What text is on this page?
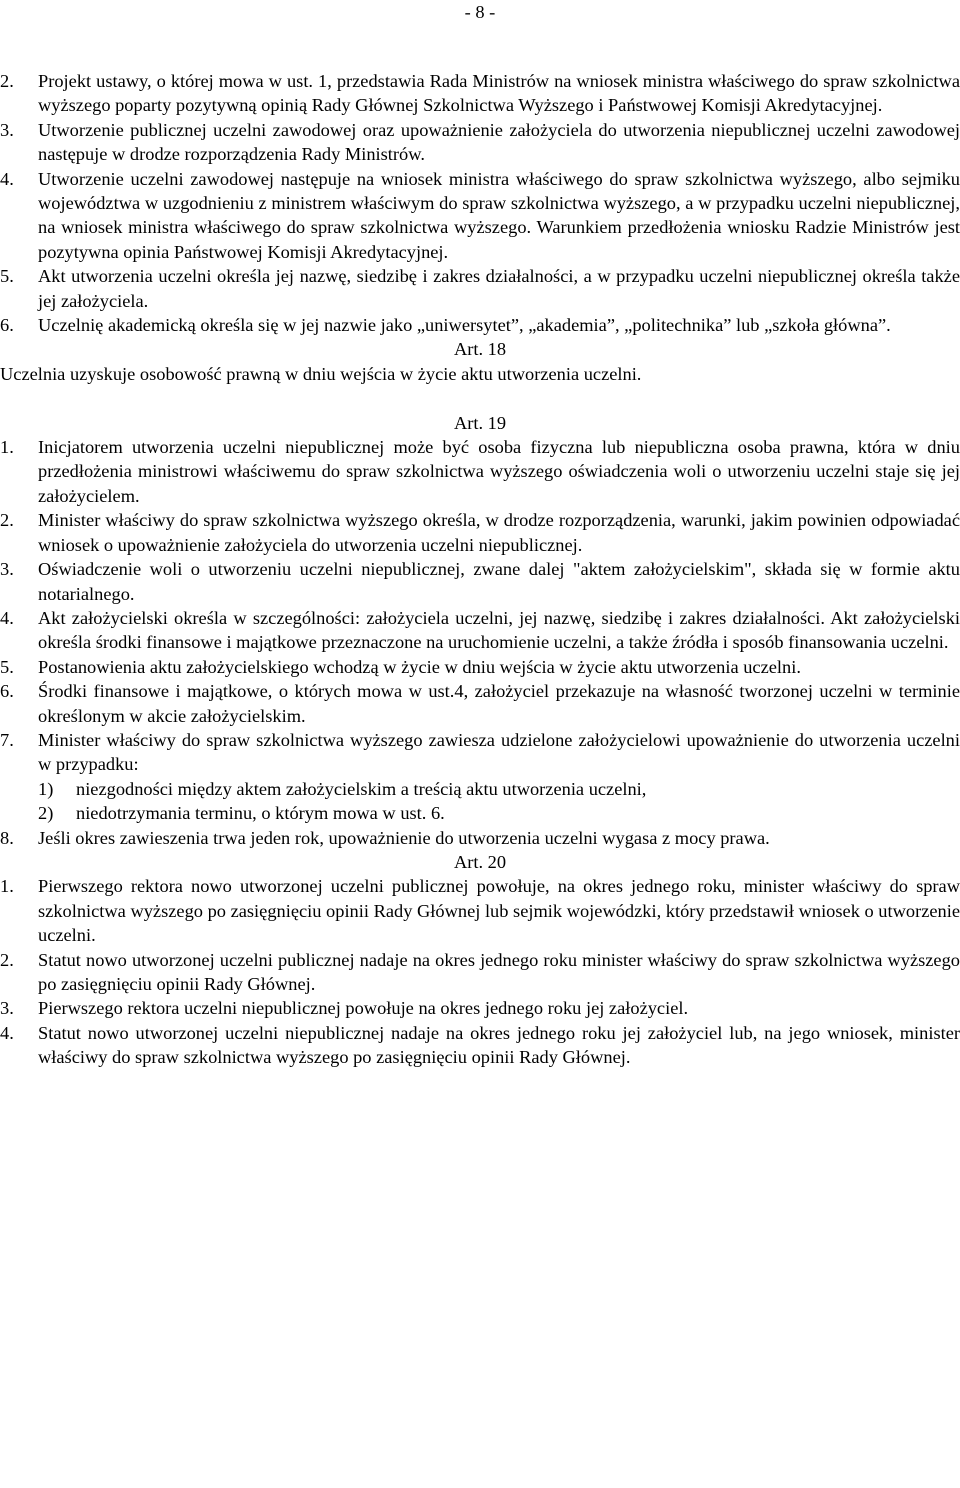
- 8 -
2. Projekt ustawy, o której mowa w ust. 1, przedstawia Rada Ministrów na wniosek ministra właściwego do spraw szkolnictwa wyższego poparty pozytywną opinią Rady Głównej Szkolnictwa Wyższego i Państwowej Komisji Akredytacyjnej.
3. Utworzenie publicznej uczelni zawodowej oraz upoważnienie założyciela do utworzenia niepublicznej uczelni zawodowej następuje w drodze rozporządzenia Rady Ministrów.
4. Utworzenie uczelni zawodowej następuje na wniosek ministra właściwego do spraw szkolnictwa wyższego, albo sejmiku województwa w uzgodnieniu z ministrem właściwym do spraw szkolnictwa wyższego, a w przypadku uczelni niepublicznej, na wniosek ministra właściwego do spraw szkolnictwa wyższego. Warunkiem przedłożenia wniosku Radzie Ministrów jest pozytywna opinia Państwowej Komisji Akredytacyjnej.
5. Akt utworzenia uczelni określa jej nazwę, siedzibę i zakres działalności, a w przypadku uczelni niepublicznej określa także jej założyciela.
6. Uczelnię akademicką określa się w jej nazwie jako „uniwersytet”, „akademia”, „politechnika” lub „szkoła główna”.

Art. 18

Uczelnia uzyskuje osobowość prawną w dniu wejścia w życie aktu utworzenia uczelni.

Art. 19

1. Inicjatorem utworzenia uczelni niepublicznej może być osoba fizyczna lub niepubliczna osoba prawna, która w dniu przedłożenia ministrowi właściwemu do spraw szkolnictwa wyższego oświadczenia woli o utworzeniu uczelni staje się jej założycielem.
2. Minister właściwy do spraw szkolnictwa wyższego określa, w drodze rozporządzenia, warunki, jakim powinien odpowiadać wniosek o upoważnienie założyciela do utworzenia uczelni niepublicznej.
3. Oświadczenie woli o utworzeniu uczelni niepublicznej, zwane dalej "aktem założycielskim", składa się w formie aktu notarialnego.
4. Akt założycielski określa w szczególności: założyciela uczelni, jej nazwę, siedzibę i zakres działalności. Akt założycielski określa środki finansowe i majątkowe przeznaczone na uruchomienie uczelni, a także źródła i sposób finansowania uczelni.
5. Postanowienia aktu założycielskiego wchodzą w życie w dniu wejścia w życie aktu utworzenia uczelni.
6. Środki finansowe i majątkowe, o których mowa w ust.4, założyciel przekazuje na własność tworzonej uczelni w terminie określonym w akcie założycielskim.
7. Minister właściwy do spraw szkolnictwa wyższego zawiesza udzielone założycielowi upoważnienie do utworzenia uczelni w przypadku:
1) niezgodności między aktem założycielskim a treścią aktu utworzenia uczelni,
2) niedotrzymania terminu, o którym mowa w ust. 6.
8. Jeśli okres zawieszenia trwa jeden rok, upoważnienie do utworzenia uczelni wygasa z mocy prawa.

Art. 20

1. Pierwszego rektora nowo utworzonej uczelni publicznej powołuje, na okres jednego roku, minister właściwy do spraw szkolnictwa wyższego po zasięgnięciu opinii Rady Głównej lub sejmik wojewódzki, który przedstawił wniosek o utworzenie uczelni.
2. Statut nowo utworzonej uczelni publicznej nadaje na okres jednego roku minister właściwy do spraw szkolnictwa wyższego po zasięgnięciu opinii Rady Głównej.
3. Pierwszego rektora uczelni niepublicznej powołuje na okres jednego roku jej założyciel.
4. Statut nowo utworzonej uczelni niepublicznej nadaje na okres jednego roku jej założyciel lub, na jego wniosek, minister właściwy do spraw szkolnictwa wyższego po zasięgnięciu opinii Rady Głównej.
